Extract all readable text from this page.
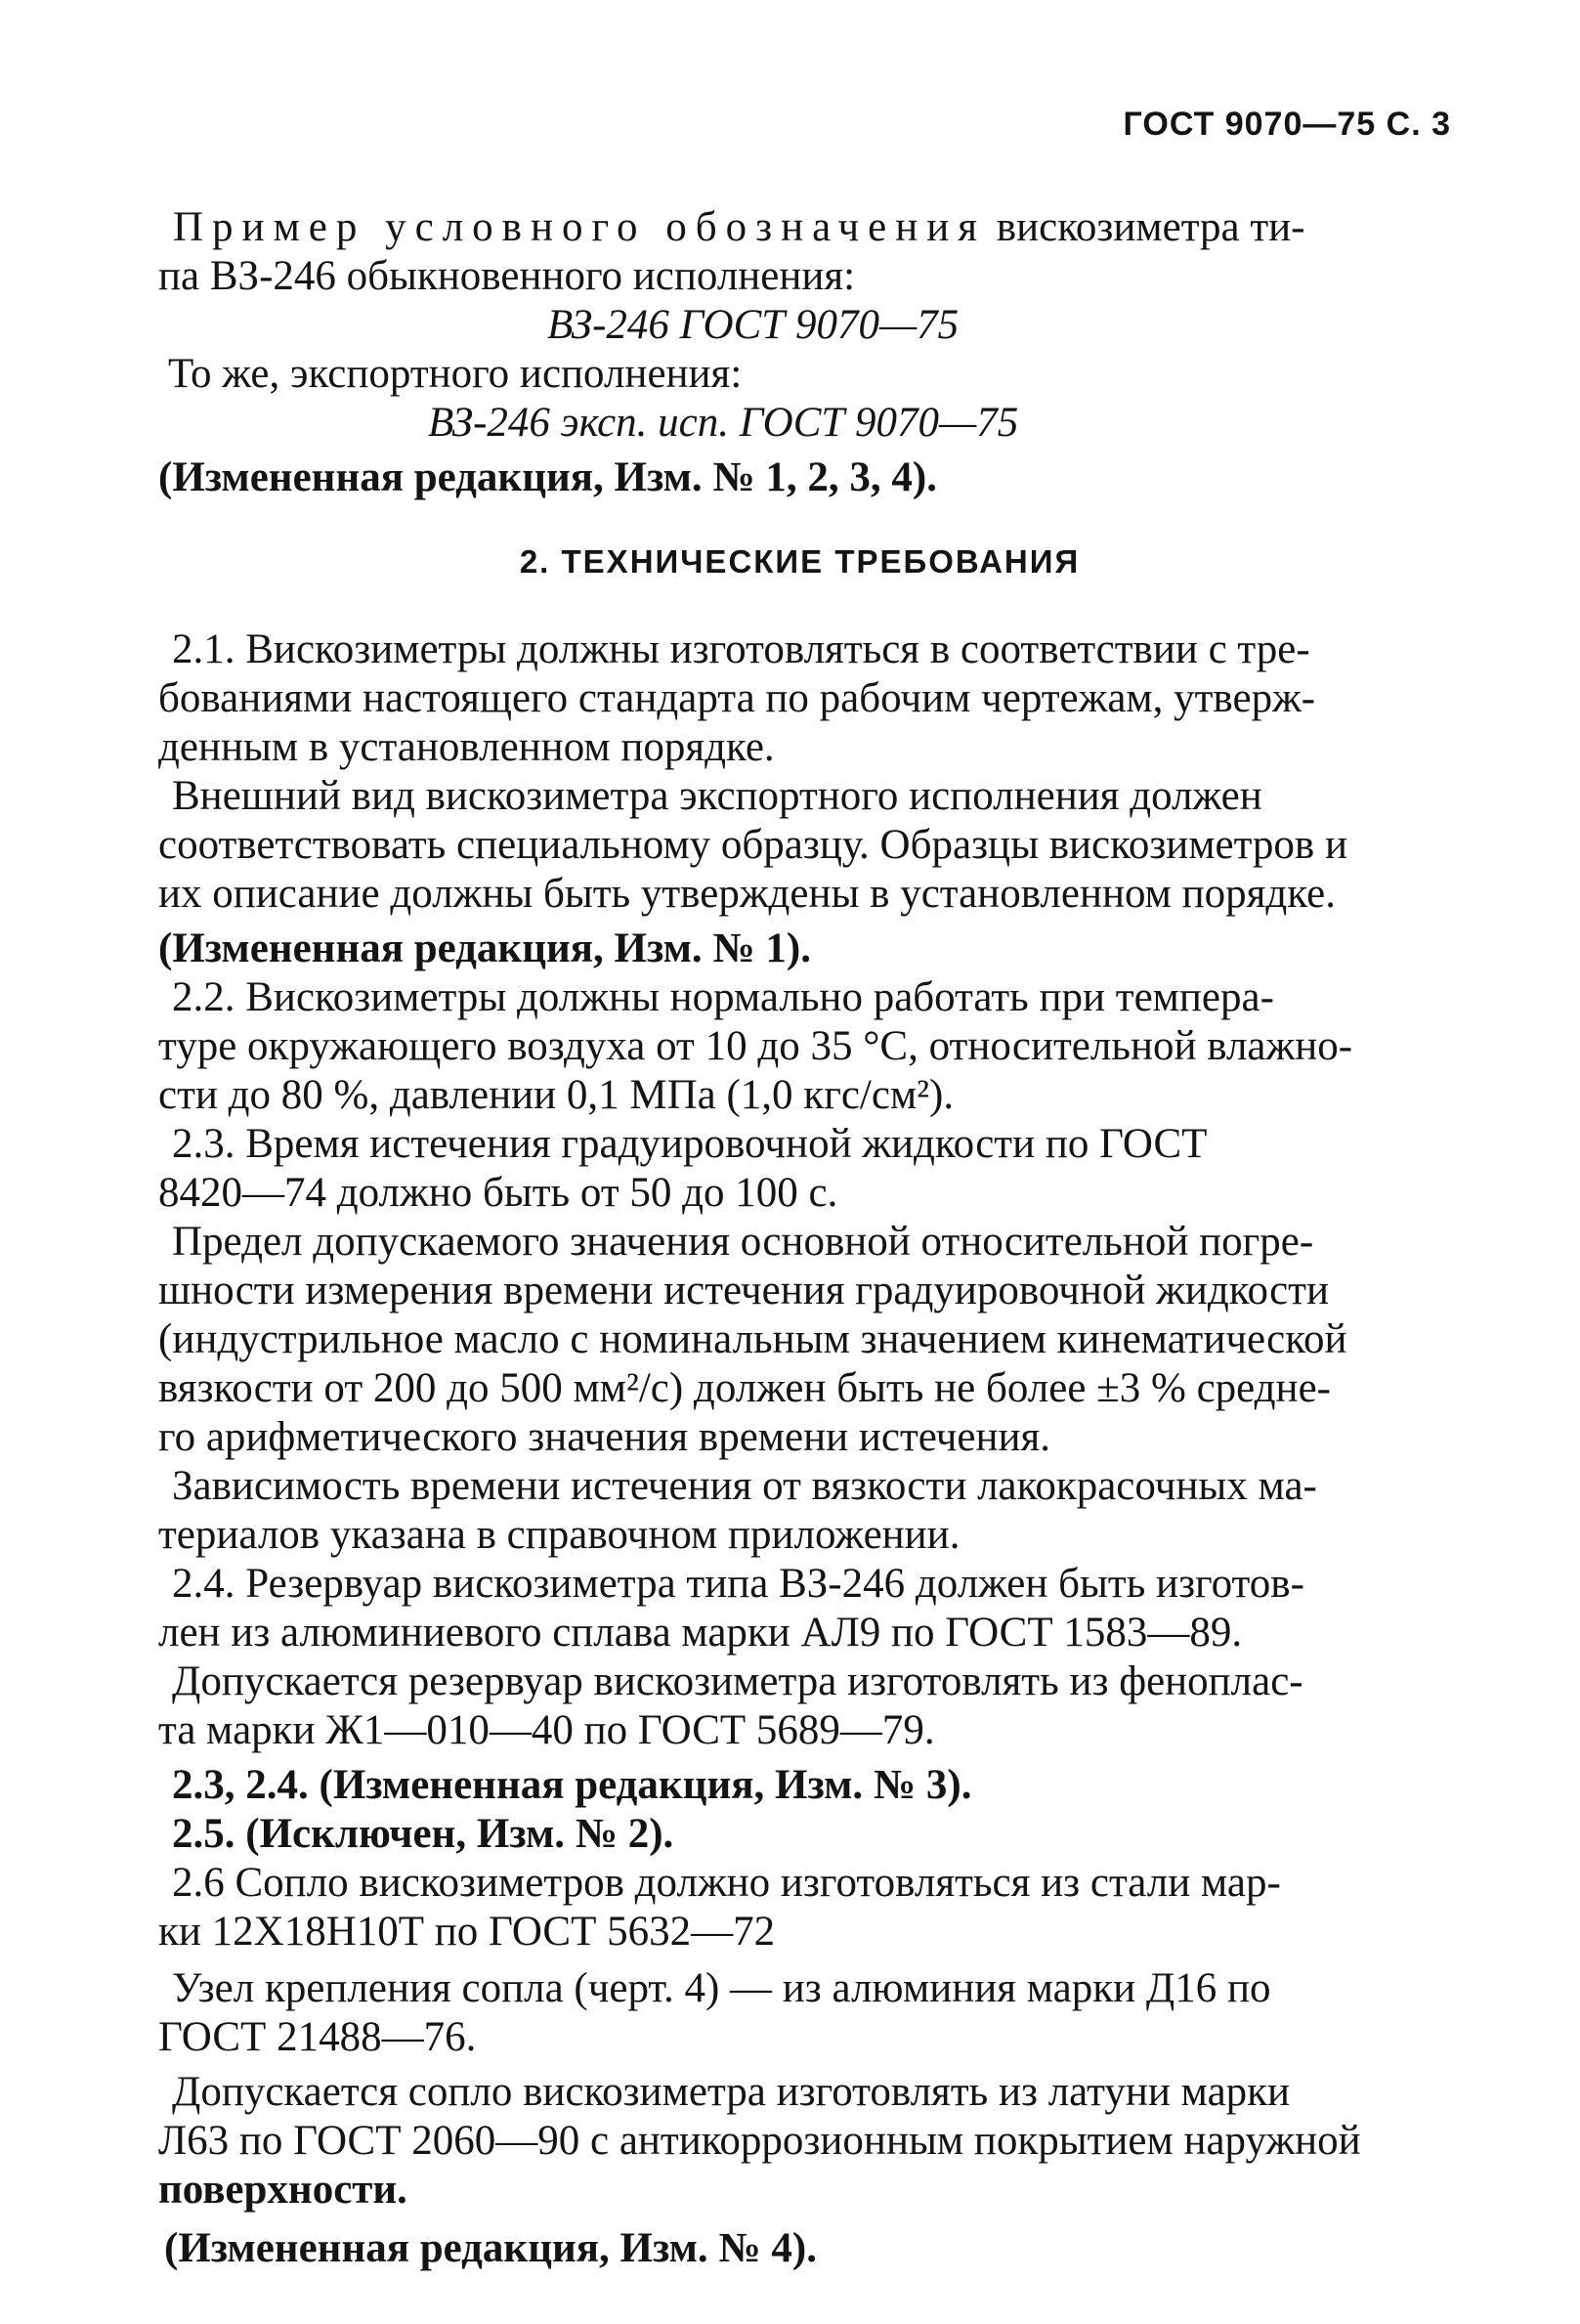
ГОСТ 9070—75 С. 3

Пример условного обозначения вискозиметра ти-

па ВЗ-246 обыкновенного исполнения:

ВЗ-246 ГОСТ 9070—75

То же, экспортного исполнения:

ВЗ-246 эксп. исп. ГОСТ 9070—75

(Измененная редакция, Изм. № 1, 2, 3, 4).

2. ТЕХНИЧЕСКИЕ ТРЕБОВАНИЯ

2.1. Вискозиметры должны изготовляться в соответствии с тре-

бованиями настоящего стандарта по рабочим чертежам, утверж-

денным в установленном порядке.

Внешний вид вискозиметра экспортного исполнения должен

соответствовать специальному образцу. Образцы вискозиметров и

их описание должны быть утверждены в установленном порядке.

(Измененная редакция, Изм. № 1).

2.2. Вискозиметры должны нормально работать при темпера-

туре окружающего воздуха от 10 до 35 °С, относительной влажно-

сти до 80 %, давлении 0,1 МПа (1,0 кгс/см²).

2.3. Время истечения градуировочной жидкости по ГОСТ

8420—74 должно быть от 50 до 100 с.

Предел допускаемого значения основной относительной погре-

шности измерения времени истечения градуировочной жидкости

(индустрильное масло с номинальным значением кинематической

вязкости от 200 до 500 мм²/с) должен быть не более ±3 % средне-

го арифметического значения времени истечения.

Зависимость времени истечения от вязкости лакокрасочных ма-

териалов указана в справочном приложении.

2.4. Резервуар вискозиметра типа ВЗ-246 должен быть изготов-

лен из алюминиевого сплава марки АЛ9 по ГОСТ 1583—89.

Допускается резервуар вискозиметра изготовлять из феноплас-

та марки Ж1—010—40 по ГОСТ 5689—79.

2.3, 2.4. (Измененная редакция, Изм. № 3).

2.5. (Исключен, Изм. № 2).

2.6 Сопло вискозиметров должно изготовляться из стали мар-

ки 12Х18Н10Т по ГОСТ 5632—72

Узел крепления сопла (черт. 4) — из алюминия марки Д16 по

ГОСТ 21488—76.

Допускается сопло вискозиметра изготовлять из латуни марки

Л63 по ГОСТ 2060—90 с антикоррозионным покрытием наружной

поверхности.

(Измененная редакция, Изм. № 4).
